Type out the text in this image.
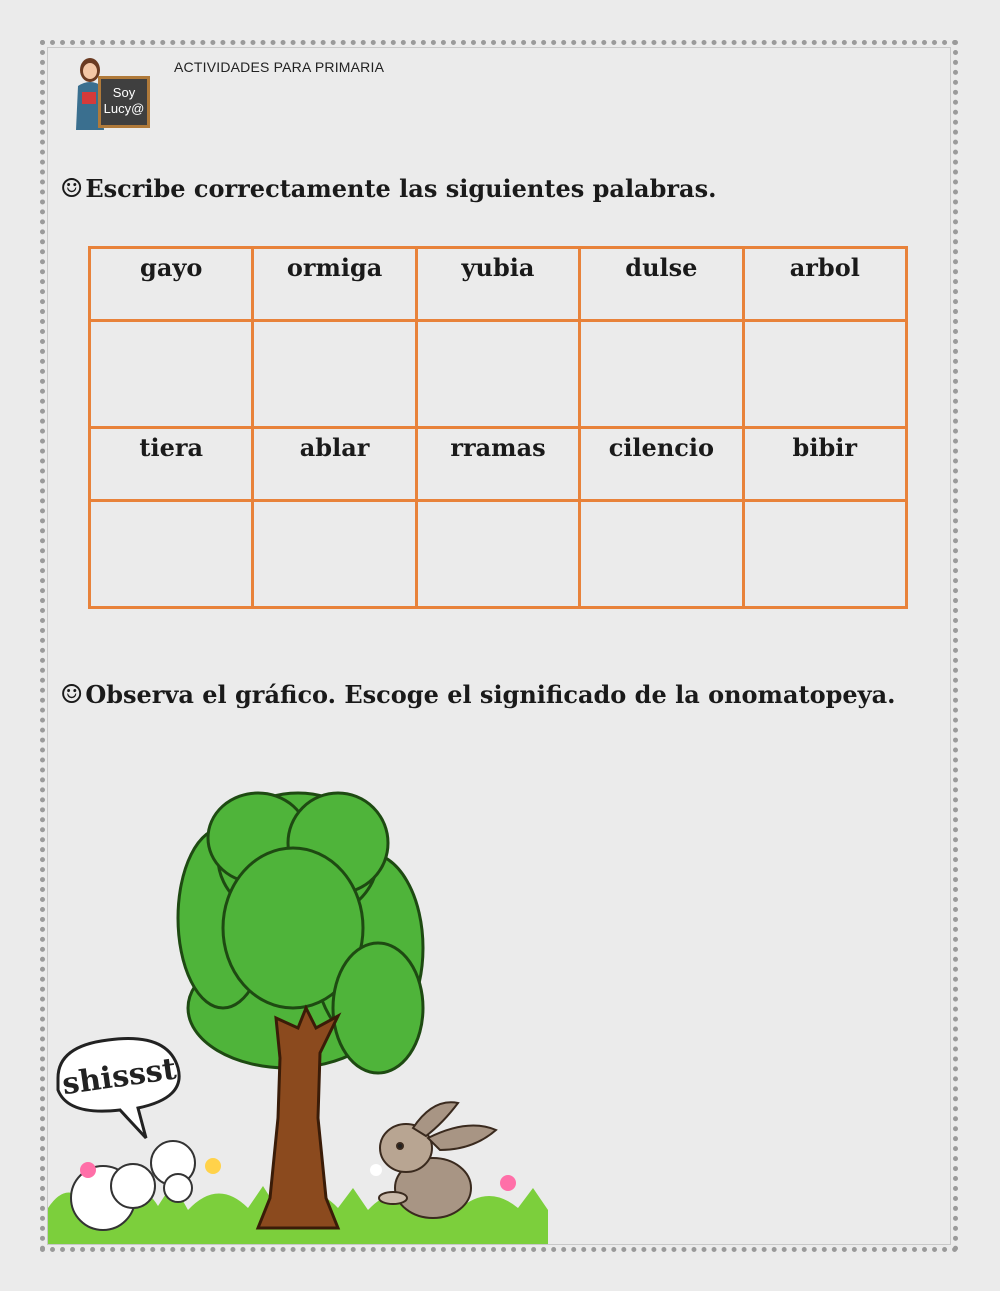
Soy
Lucy@
ACTIVIDADES PARA PRIMARIA
☺Escribe correctamente las siguientes palabras.
gayo	ormiga	yubia	dulse	arbol

tiera	ablar	rramas	cilencio	bibir

☺Observa el gráfico. Escoge el significado de la onomatopeya.
shissst
